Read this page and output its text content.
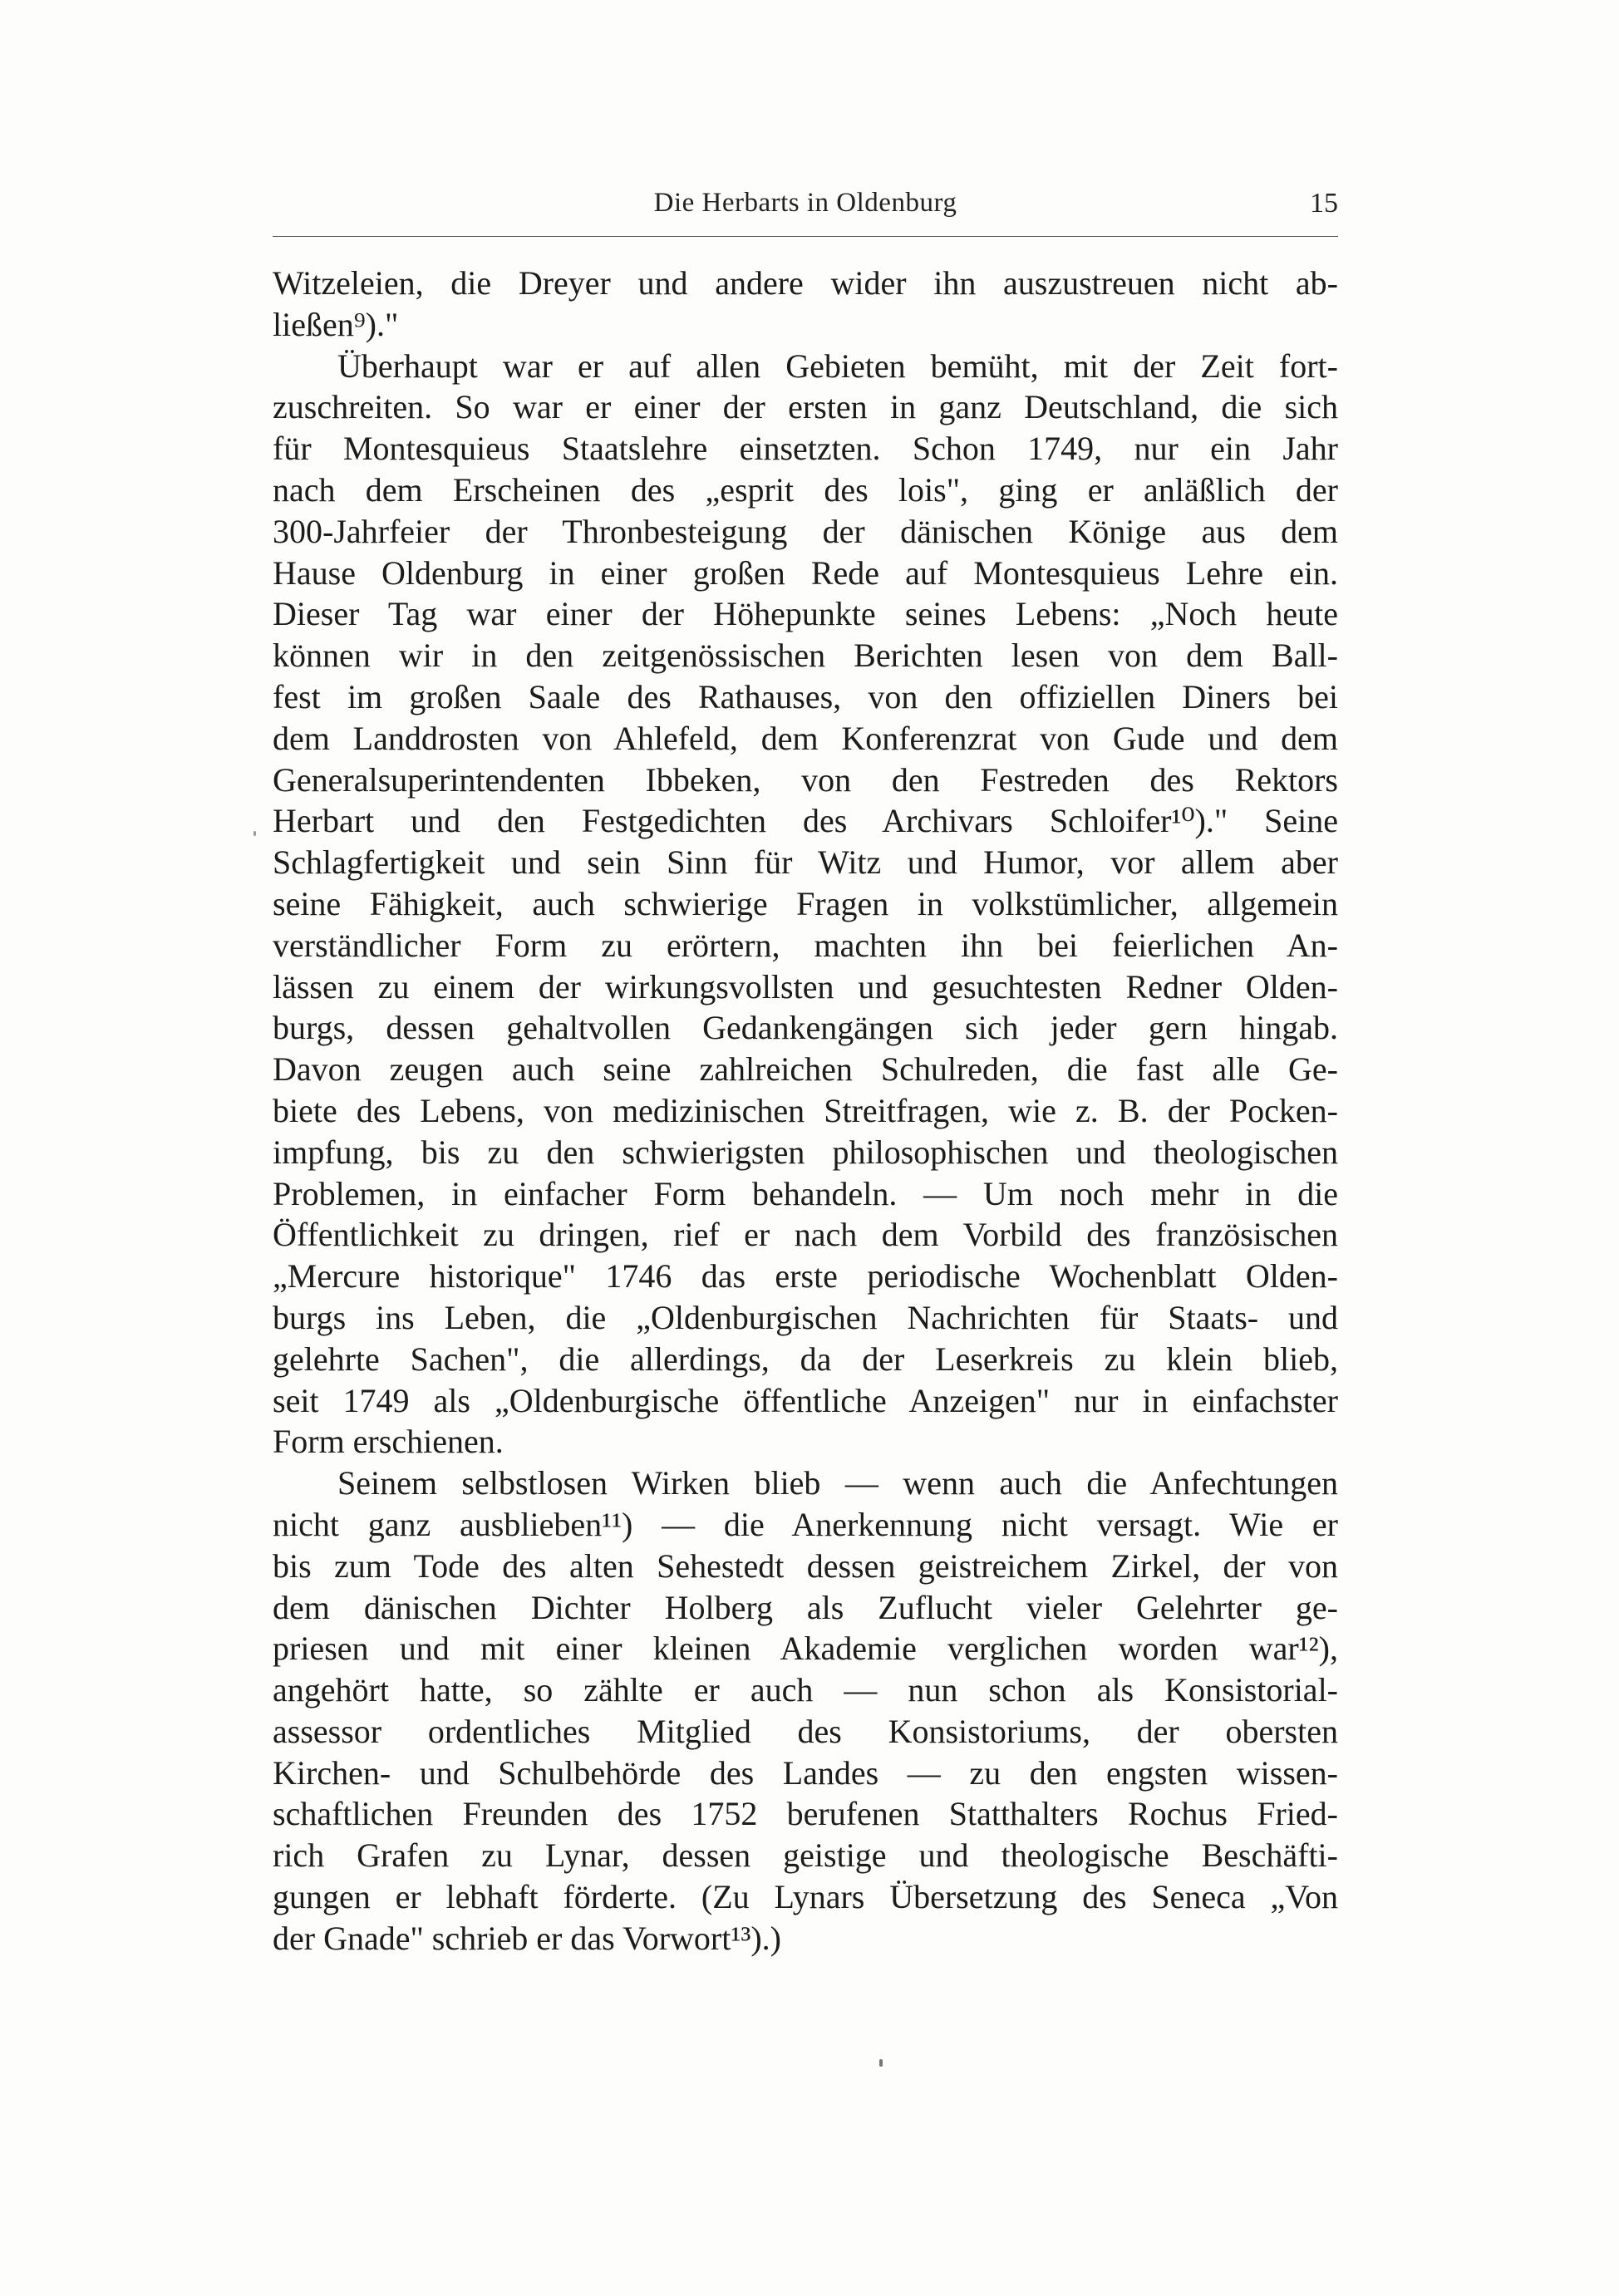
Die Herbarts in Oldenburg	15
Witzeleien, die Dreyer und andere wider ihn auszustreuen nicht ab-
ließen⁹)."
Überhaupt war er auf allen Gebieten bemüht, mit der Zeit fort-
zuschreiten. So war er einer der ersten in ganz Deutschland, die sich
für Montesquieus Staatslehre einsetzten. Schon 1749, nur ein Jahr
nach dem Erscheinen des „esprit des lois", ging er anläßlich der
300-Jahrfeier der Thronbesteigung der dänischen Könige aus dem
Hause Oldenburg in einer großen Rede auf Montesquieus Lehre ein.
Dieser Tag war einer der Höhepunkte seines Lebens: „Noch heute
können wir in den zeitgenössischen Berichten lesen von dem Ball-
fest im großen Saale des Rathauses, von den offiziellen Diners bei
dem Landdrosten von Ahlefeld, dem Konferenzrat von Gude und dem
Generalsuperintendenten Ibbeken, von den Festreden des Rektors
Herbart und den Festgedichten des Archivars Schloifer¹⁰)." Seine
Schlagfertigkeit und sein Sinn für Witz und Humor, vor allem aber
seine Fähigkeit, auch schwierige Fragen in volkstümlicher, allgemein
verständlicher Form zu erörtern, machten ihn bei feierlichen An-
lässen zu einem der wirkungsvollsten und gesuchtesten Redner Olden-
burgs, dessen gehaltvollen Gedankengängen sich jeder gern hingab.
Davon zeugen auch seine zahlreichen Schulreden, die fast alle Ge-
biete des Lebens, von medizinischen Streitfragen, wie z. B. der Pocken-
impfung, bis zu den schwierigsten philosophischen und theologischen
Problemen, in einfacher Form behandeln. — Um noch mehr in die
Öffentlichkeit zu dringen, rief er nach dem Vorbild des französischen
„Mercure historique" 1746 das erste periodische Wochenblatt Olden-
burgs ins Leben, die „Oldenburgischen Nachrichten für Staats- und
gelehrte Sachen", die allerdings, da der Leserkreis zu klein blieb,
seit 1749 als „Oldenburgische öffentliche Anzeigen" nur in einfachster
Form erschienen.
Seinem selbstlosen Wirken blieb — wenn auch die Anfechtungen
nicht ganz ausblieben¹¹) — die Anerkennung nicht versagt. Wie er
bis zum Tode des alten Sehestedt dessen geistreichem Zirkel, der von
dem dänischen Dichter Holberg als Zuflucht vieler Gelehrter ge-
priesen und mit einer kleinen Akademie verglichen worden war¹²),
angehört hatte, so zählte er auch — nun schon als Konsistorial-
assessor ordentliches Mitglied des Konsistoriums, der obersten
Kirchen- und Schulbehörde des Landes — zu den engsten wissen-
schaftlichen Freunden des 1752 berufenen Statthalters Rochus Fried-
rich Grafen zu Lynar, dessen geistige und theologische Beschäfti-
gungen er lebhaft förderte. (Zu Lynars Übersetzung des Seneca „Von
der Gnade" schrieb er das Vorwort¹³).)
